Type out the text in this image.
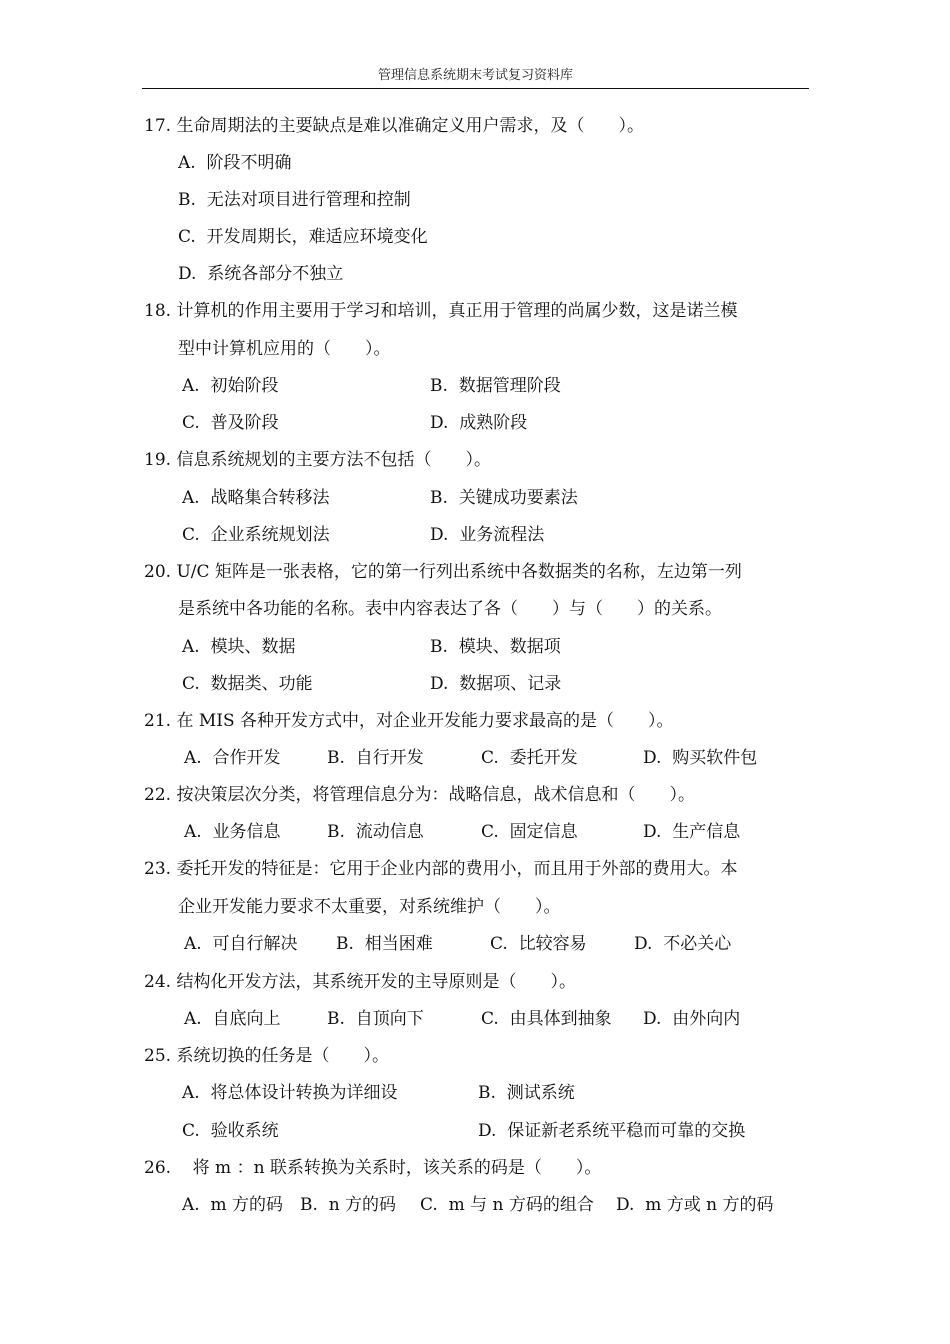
管理信息系统期末考试复习资料库
17. 生命周期法的主要缺点是难以准确定义用户需求，及（　　）。
A.  阶段不明确
B.  无法对项目进行管理和控制
C.  开发周期长，难适应环境变化
D.  系统各部分不独立
18. 计算机的作用主要用于学习和培训，真正用于管理的尚属少数，这是诺兰模
型中计算机应用的（　　）。
A.  初始阶段	B.  数据管理阶段
C.  普及阶段	D.  成熟阶段
19. 信息系统规划的主要方法不包括（　　）。
A.  战略集合转移法	B.  关键成功要素法
C.  企业系统规划法	D.  业务流程法
20. U/C 矩阵是一张表格，它的第一行列出系统中各数据类的名称，左边第一列
是系统中各功能的名称。表中内容表达了各（　　）与（　　）的关系。
A.  模块、数据	B.  模块、数据项
C.  数据类、功能	D.  数据项、记录
21. 在 MIS 各种开发方式中，对企业开发能力要求最高的是（　　）。
A.  合作开发	B.  自行开发	C.  委托开发	D.  购买软件包
22. 按决策层次分类，将管理信息分为：战略信息，战术信息和（　　）。
A.  业务信息	B.  流动信息	C.  固定信息	D.  生产信息
23. 委托开发的特征是：它用于企业内部的费用小，而且用于外部的费用大。本
企业开发能力要求不太重要，对系统维护（　　）。
A.  可自行解决 B.  相当困难	C.  比较容易	D.  不必关心
24. 结构化开发方法，其系统开发的主导原则是（　　）。
A.  自底向上	B.  自顶向下	C.  由具体到抽象 D.  由外向内
25. 系统切换的任务是（　　）。
A.  将总体设计转换为详细设	B.  测试系统
C.  验收系统	D.  保证新老系统平稳而可靠的交换
26.    将 m ：n 联系转换为关系时，该关系的码是（　　）。
A.  m 方的码 B.  n 方的码 C.  m 与 n 方码的组合 D.  m 方或 n 方的码
